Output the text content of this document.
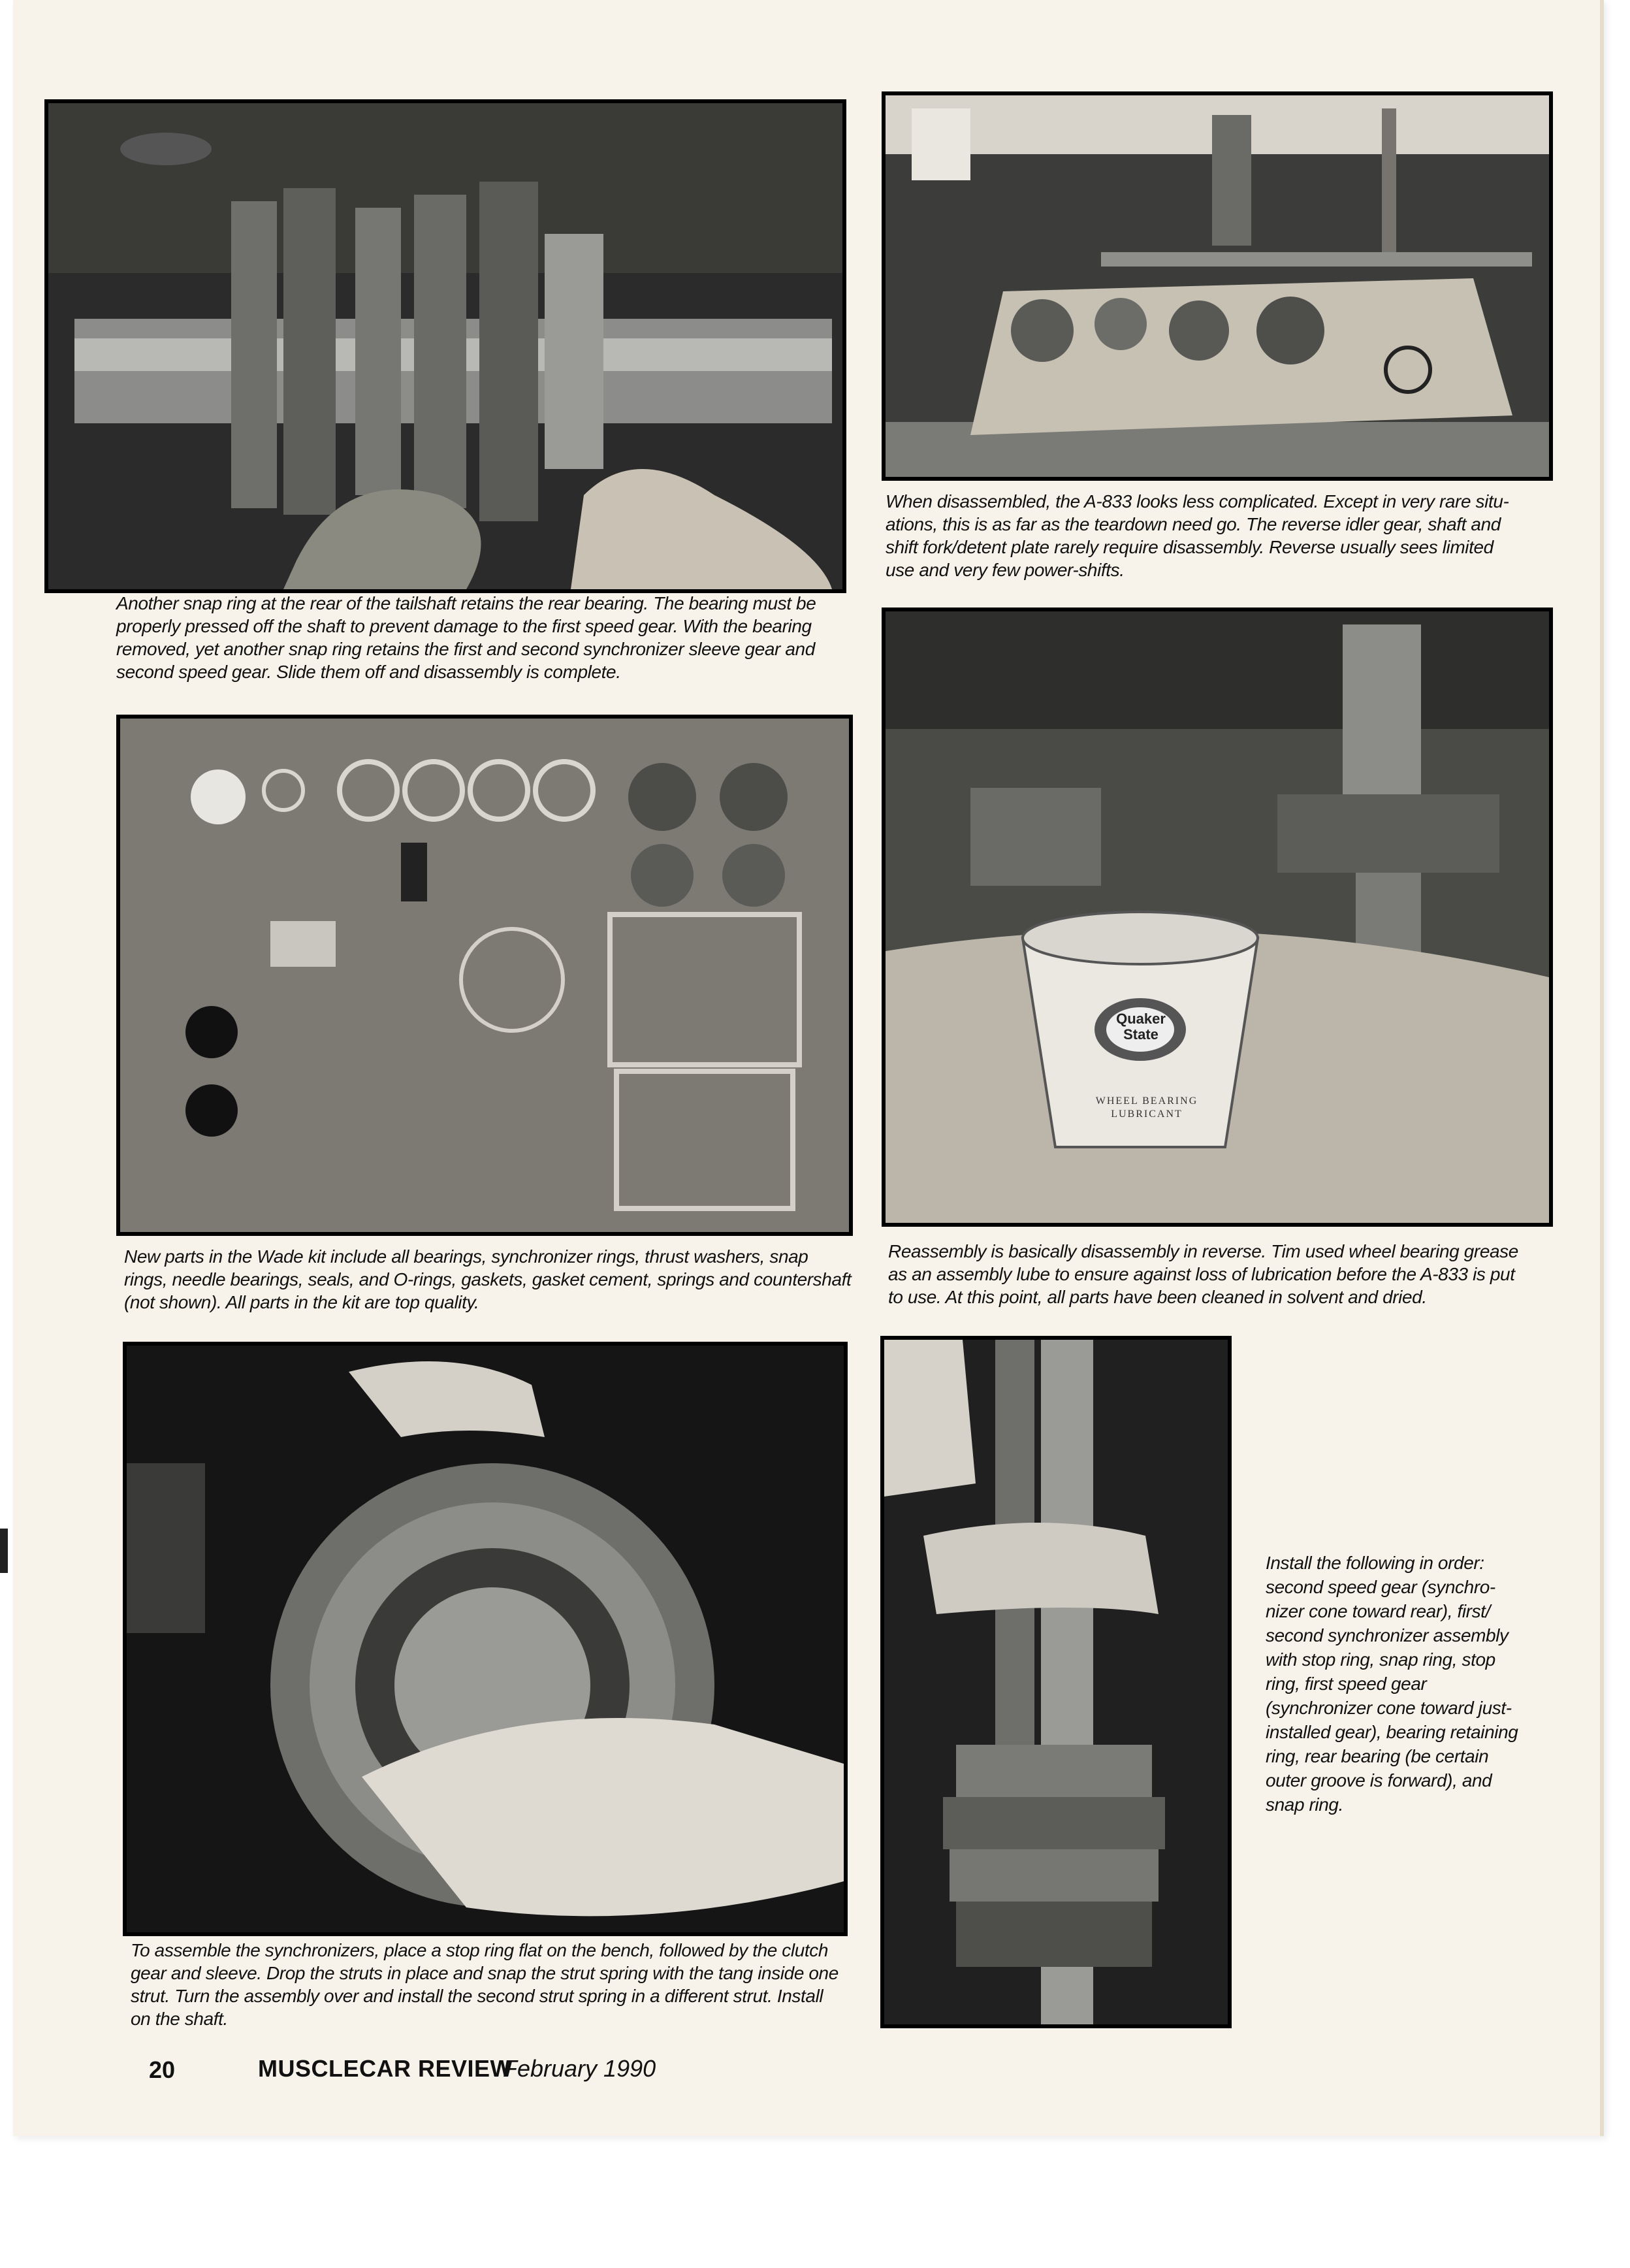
Quaker
State
WHEEL BEARING
LUBRICANT

Another snap ring at the rear of the tailshaft retains the rear bearing. The bearing must be
properly pressed off the shaft to prevent damage to the first speed gear. With the bearing
removed, yet another snap ring retains the first and second synchronizer sleeve gear and
second speed gear. Slide them off and disassembly is complete.

When disassembled, the A-833 looks less complicated. Except in very rare situ-
ations, this is as far as the teardown need go. The reverse idler gear, shaft and
shift fork/detent plate rarely require disassembly. Reverse usually sees limited
use and very few power-shifts.

New parts in the Wade kit include all bearings, synchronizer rings, thrust washers, snap
rings, needle bearings, seals, and O-rings, gaskets, gasket cement, springs and countershaft
(not shown). All parts in the kit are top quality.

Reassembly is basically disassembly in reverse. Tim used wheel bearing grease
as an assembly lube to ensure against loss of lubrication before the A-833 is put
to use. At this point, all parts have been cleaned in solvent and dried.

To assemble the synchronizers, place a stop ring flat on the bench, followed by the clutch
gear and sleeve. Drop the struts in place and snap the strut spring with the tang inside one
strut. Turn the assembly over and install the second strut spring in a different strut. Install
on the shaft.

Install the following in order:
second speed gear (synchro-
nizer cone toward rear), first/
second synchronizer assembly
with stop ring, snap ring, stop
ring, first speed gear
(synchronizer cone toward just-
installed gear), bearing retaining
ring, rear bearing (be certain
outer groove is forward), and
snap ring.

20	MUSCLECAR REVIEW
February 1990
